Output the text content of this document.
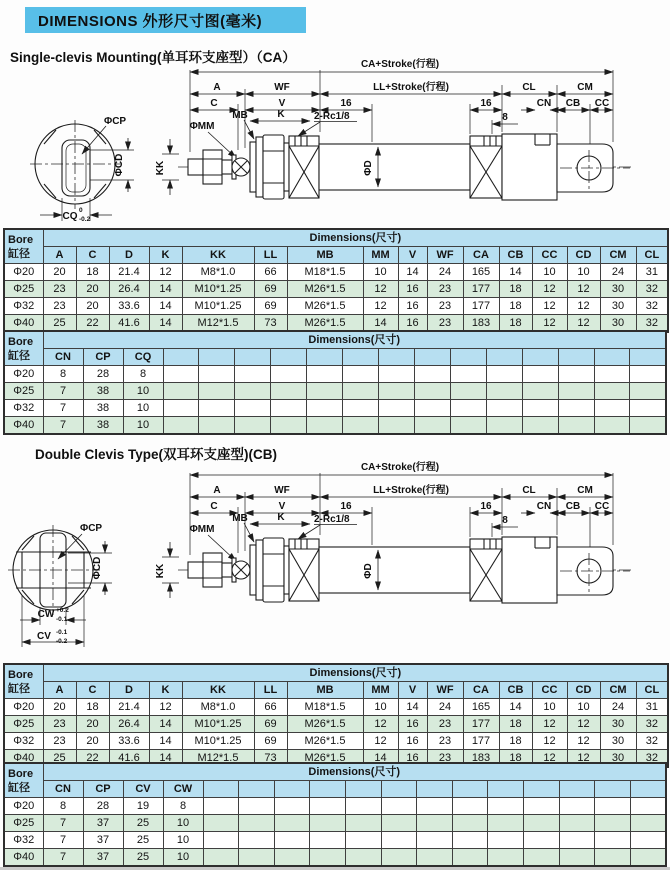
DIMENSIONS 外形尺寸图(毫米)
Single-clevis Mounting(单耳环支座型）（CA）
ΦCP
ΦCD
CQ
0
-0.2
CA+Stroke(行程)
A	WF	LL+Stroke(行程)	CL	CM
C	V	16	16	CN CB CC
8
MB	K
ΦMM
2-Rc1/8
KK	ΦD
Bore
缸径	Dimensions(尺寸)															
	A	C	D	K	KK	LL	MB	MM	V	WF	CA	CB	CC	CD	CM	CL
Φ20	20	18	21.4	12	M8*1.0	66	M18*1.5	10	14	24	165	14	10	10	24	31
Φ25	23	20	26.4	14	M10*1.25	69	M26*1.5	12	16	23	177	18	12	12	30	32
Φ32	23	20	33.6	14	M10*1.25	69	M26*1.5	12	16	23	177	18	12	12	30	32
Φ40	25	22	41.6	14	M12*1.5	73	M26*1.5	14	16	23	183	18	12	12	30	32
Bore
缸径	Dimensions(尺寸)																
	CN	CP	CQ														
Φ20	8	28	8														
Φ25	7	38	10														
Φ32	7	38	10														
Φ40	7	38	10														
Double Clevis Type(双耳环支座型)(CB)
ΦCP
ΦCD
CW +0.2
-0.1
CV -0.1
-0.2
Bore
缸径	Dimensions(尺寸)															
	A	C	D	K	KK	LL	MB	MM	V	WF	CA	CB	CC	CD	CM	CL
Φ20	20	18	21.4	12	M8*1.0	66	M18*1.5	10	14	24	165	14	10	10	24	31
Φ25	23	20	26.4	14	M10*1.25	69	M26*1.5	12	16	23	177	18	12	12	30	32
Φ32	23	20	33.6	14	M10*1.25	69	M26*1.5	12	16	23	177	18	12	12	30	32
Φ40	25	22	41.6	14	M12*1.5	73	M26*1.5	14	16	23	183	18	12	12	30	32
Bore
缸径	Dimensions(尺寸)																
	CN	CP	CV	CW													
Φ20	8	28	19	8													
Φ25	7	37	25	10													
Φ32	7	37	25	10													
Φ40	7	37	25	10													
